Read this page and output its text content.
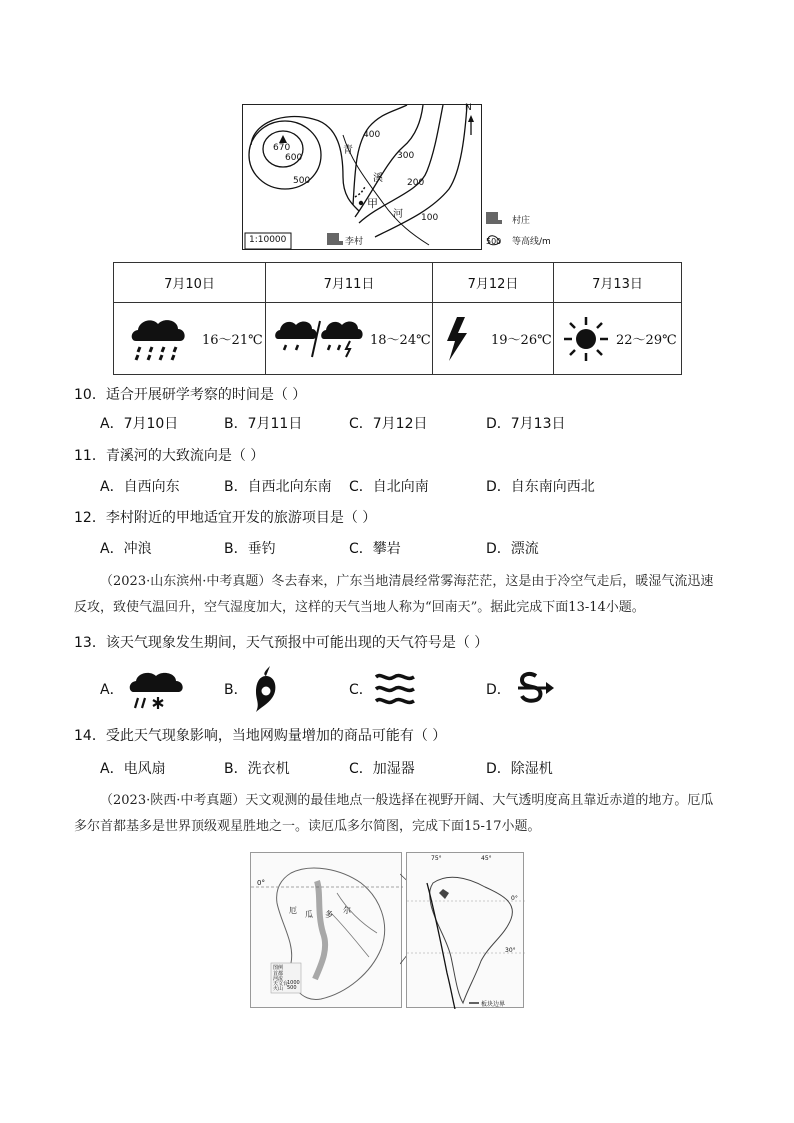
N
670
600
500
400
300
200
100
青
溪
河
甲
1:10000	李村
村庄
500 等高线/m
7月10日	7月11日	7月12日	7月13日

16～21℃	18～24℃	19～26℃	22～29℃
10．适合开展研学考察的时间是（ ）
A．7月10日	B．7月11日	C．7月12日	D．7月13日
11．青溪河的大致流向是（ ）
A．自西向东	B．自西北向东南 C．自北向南	D．自东南向西北
12．李村附近的甲地适宜开发的旅游项目是（ ）
A．冲浪	B．垂钓	C．攀岩	D．漂流
（2023·山东滨州·中考真题）冬去春来，广东当地清晨经常雾海茫茫，这是由于冷空气走后，暖湿气流迅速反攻，致使气温回升，空气湿度加大，这样的天气当地人称为“回南天”。据此完成下面13-14小题。
13．该天气现象发生期间，天气预报中可能出现的天气符号是（ ）
A．	B．	C．	D．
14．受此天气现象影响，当地网购量增加的商品可能有（ ）
A．电风扇	B．洗衣机	C．加湿器	D．除湿机
（2023·陕西·中考真题）天文观测的最佳地点一般选择在视野开阔、大气透明度高且靠近赤道的地方。厄瓜多尔首都基多是世界顶级观星胜地之一。读厄瓜多尔简图，完成下面15-17小题。
0°
厄 瓜 多 尔
图例
首都
河流
天文台
火山
1000
500
75°	45°
0°
30°
板块边界
